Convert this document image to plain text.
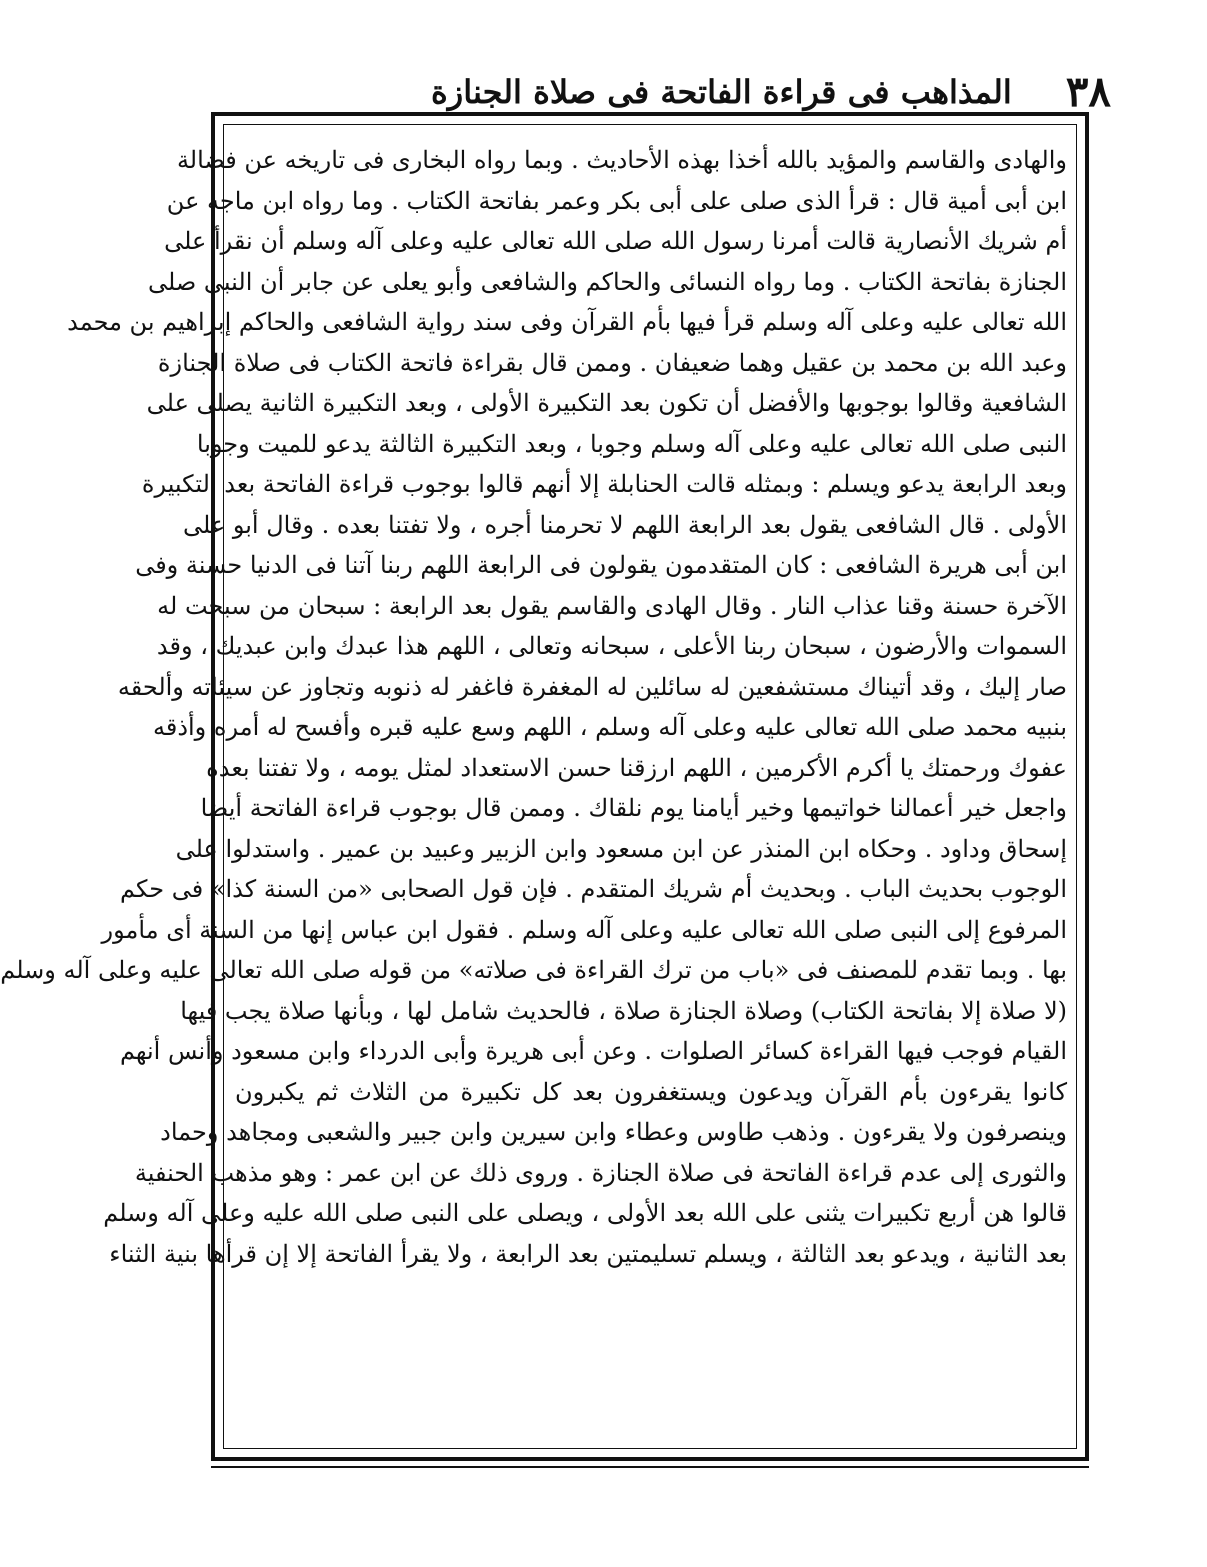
٣٨
المذاهب فى قراءة الفاتحة فى صلاة الجنازة
والهادى والقاسم والمؤيد بالله أخذا بهذه الأحاديث . وبما رواه البخارى فى تاريخه عن فضالة
ابن أبى أمية قال : قرأ الذى صلى على أبى بكر وعمر بفاتحة الكتاب . وما رواه ابن ماجه عن
أم شريك الأنصارية قالت أمرنا رسول الله صلى الله تعالى عليه وعلى آله وسلم أن نقرأ على
الجنازة بفاتحة الكتاب . وما رواه النسائى والحاكم والشافعى وأبو يعلى عن جابر أن النبى صلى
الله تعالى عليه وعلى آله وسلم قرأ فيها بأم القرآن وفى سند رواية الشافعى والحاكم إبراهيم بن محمد
وعبد الله بن محمد بن عقيل وهما ضعيفان . وممن قال بقراءة فاتحة الكتاب فى صلاة الجنازة
الشافعية وقالوا بوجوبها والأفضل أن تكون بعد التكبيرة الأولى ، وبعد التكبيرة الثانية يصلى على
النبى صلى الله تعالى عليه وعلى آله وسلم وجوبا ، وبعد التكبيرة الثالثة يدعو للميت وجوبا
وبعد الرابعة يدعو ويسلم : وبمثله قالت الحنابلة إلا أنهم قالوا بوجوب قراءة الفاتحة بعد التكبيرة
الأولى . قال الشافعى يقول بعد الرابعة اللهم لا تحرمنا أجره ، ولا تفتنا بعده . وقال أبو على
ابن أبى هريرة الشافعى : كان المتقدمون يقولون فى الرابعة اللهم ربنا آتنا فى الدنيا حسنة وفى
الآخرة حسنة وقنا عذاب النار . وقال الهادى والقاسم يقول بعد الرابعة : سبحان من سبحت له
السموات والأرضون ، سبحان ربنا الأعلى ، سبحانه وتعالى ، اللهم هذا عبدك وابن عبديك ، وقد
صار إليك ، وقد أتيناك مستشفعين له سائلين له المغفرة فاغفر له ذنوبه وتجاوز عن سيئاته وألحقه
بنبيه محمد صلى الله تعالى عليه وعلى آله وسلم ، اللهم وسع عليه قبره وأفسح له أمره وأذقه
عفوك ورحمتك يا أكرم الأكرمين ، اللهم ارزقنا حسن الاستعداد لمثل يومه ، ولا تفتنا بعده
واجعل خير أعمالنا خواتيمها وخير أيامنا يوم نلقاك . وممن قال بوجوب قراءة الفاتحة أيضا
إسحاق وداود . وحكاه ابن المنذر عن ابن مسعود وابن الزبير وعبيد بن عمير . واستدلوا على
الوجوب بحديث الباب . وبحديث أم شريك المتقدم . فإن قول الصحابى «من السنة كذا» فى حكم
المرفوع إلى النبى صلى الله تعالى عليه وعلى آله وسلم . فقول ابن عباس إنها من السنة أى مأمور
بها . وبما تقدم للمصنف فى «باب من ترك القراءة فى صلاته» من قوله صلى الله تعالى عليه وعلى آله وسلم
(لا صلاة إلا بفاتحة الكتاب) وصلاة الجنازة صلاة ، فالحديث شامل لها ، وبأنها صلاة يجب فيها
القيام فوجب فيها القراءة كسائر الصلوات . وعن أبى هريرة وأبى الدرداء وابن مسعود وأنس أنهم
كانوا يقرءون بأم القرآن ويدعون ويستغفرون بعد كل تكبيرة من الثلاث ثم يكبرون
وينصرفون ولا يقرءون . وذهب طاوس وعطاء وابن سيرين وابن جبير والشعبى ومجاهد وحماد
والثورى إلى عدم قراءة الفاتحة فى صلاة الجنازة . وروى ذلك عن ابن عمر : وهو مذهب الحنفية
قالوا هن أربع تكبيرات يثنى على الله بعد الأولى ، ويصلى على النبى صلى الله عليه وعلى آله وسلم
بعد الثانية ، ويدعو بعد الثالثة ، ويسلم تسليمتين بعد الرابعة ، ولا يقرأ الفاتحة إلا إن قرأها بنية الثناء
